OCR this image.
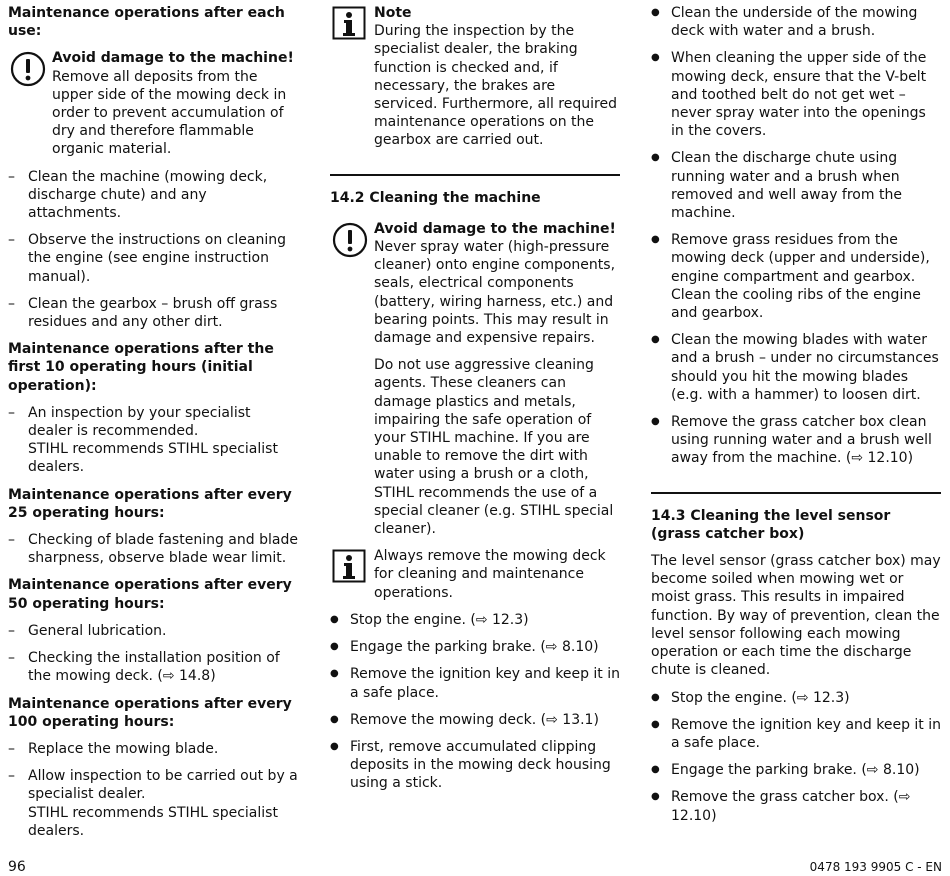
Maintenance operations after each use:
Avoid damage to the machine!
Remove all deposits from the upper side of the mowing deck in order to prevent accumulation of dry and therefore flammable organic material.
– Clean the machine (mowing deck, discharge chute) and any attachments.
– Observe the instructions on cleaning the engine (see engine instruction manual).
– Clean the gearbox – brush off grass residues and any other dirt.
Maintenance operations after the first 10 operating hours (initial operation):
– An inspection by your specialist dealer is recommended.
STIHL recommends STIHL specialist dealers.
Maintenance operations after every 25 operating hours:
– Checking of blade fastening and blade sharpness, observe blade wear limit.
Maintenance operations after every 50 operating hours:
– General lubrication.
– Checking the installation position of the mowing deck. (⇨ 14.8)
Maintenance operations after every 100 operating hours:
– Replace the mowing blade.
– Allow inspection to be carried out by a specialist dealer.
STIHL recommends STIHL specialist dealers.
Note
During the inspection by the specialist dealer, the braking function is checked and, if necessary, the brakes are serviced. Furthermore, all required maintenance operations on the gearbox are carried out.
14.2 Cleaning the machine
Avoid damage to the machine!

Never spray water (high-pressure cleaner) onto engine components, seals, electrical components (battery, wiring harness, etc.) and bearing points. This may result in damage and expensive repairs.

Do not use aggressive cleaning agents. These cleaners can damage plastics and metals, impairing the safe operation of your STIHL machine. If you are unable to remove the dirt with water using a brush or a cloth, STIHL recommends the use of a special cleaner (e.g. STIHL special cleaner).

Always remove the mowing deck for cleaning and maintenance operations.
● Stop the engine. (⇨ 12.3)
● Engage the parking brake. (⇨ 8.10)
● Remove the ignition key and keep it in a safe place.
● Remove the mowing deck. (⇨ 13.1)
● First, remove accumulated clipping deposits in the mowing deck housing using a stick.
● Clean the underside of the mowing deck with water and a brush.
● When cleaning the upper side of the mowing deck, ensure that the V-belt and toothed belt do not get wet – never spray water into the openings in the covers.
● Clean the discharge chute using running water and a brush when removed and well away from the machine.
● Remove grass residues from the mowing deck (upper and underside), engine compartment and gearbox. Clean the cooling ribs of the engine and gearbox.
● Clean the mowing blades with water and a brush – under no circumstances should you hit the mowing blades (e.g. with a hammer) to loosen dirt.
● Remove the grass catcher box clean using running water and a brush well away from the machine. (⇨ 12.10)
14.3 Cleaning the level sensor (grass catcher box)
The level sensor (grass catcher box) may become soiled when mowing wet or moist grass. This results in impaired function. By way of prevention, clean the level sensor following each mowing operation or each time the discharge chute is cleaned.
● Stop the engine. (⇨ 12.3)
● Remove the ignition key and keep it in a safe place.
● Engage the parking brake. (⇨ 8.10)
● Remove the grass catcher box. (⇨ 12.10)
96	0478 193 9905 C - EN
